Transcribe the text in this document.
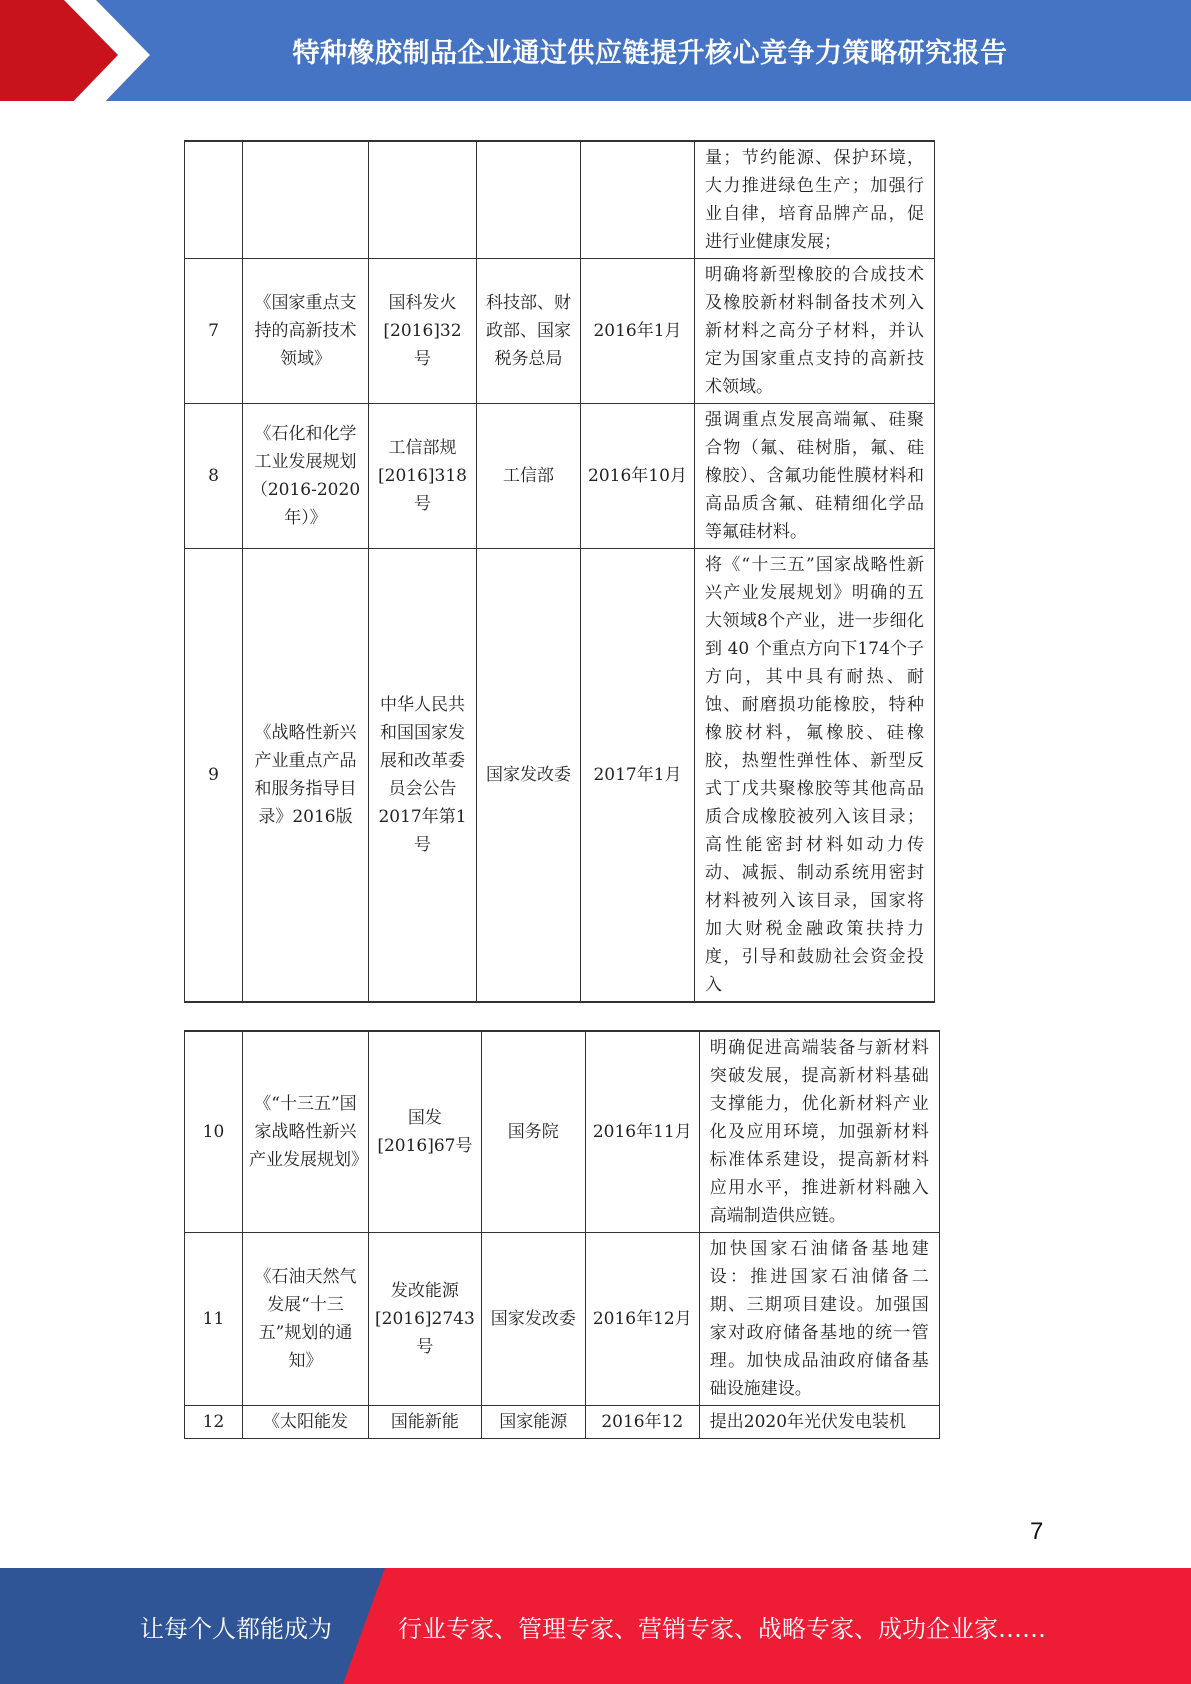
特种橡胶制品企业通过供应链提升核心竞争力策略研究报告
					量；节约能源、保护环境，大力推进绿色生产；加强行业自律，培育品牌产品，促进行业健康发展；
7	《国家重点支持的高新技术领域》	国科发火[2016]32号	科技部、财政部、国家税务总局	2016年1月	明确将新型橡胶的合成技术及橡胶新材料制备技术列入新材料之高分子材料，并认定为国家重点支持的高新技术领域。
8	《石化和化学工业发展规划（2016-2020年）》	工信部规[2016]318号	工信部	2016年10月	强调重点发展高端氟、硅聚合物（氟、硅树脂，氟、硅橡胶）、含氟功能性膜材料和高品质含氟、硅精细化学品等氟硅材料。
9	《战略性新兴产业重点产品和服务指导目录》2016版	中华人民共和国国家发展和改革委员会公告2017年第1号	国家发改委	2017年1月	将《“十三五”国家战略性新兴产业发展规划》明确的五大领域8个产业，进一步细化到 40 个重点方向下174个子方向，其中具有耐热、耐蚀、耐磨损功能橡胶，特种橡胶材料，氟橡胶、硅橡胶，热塑性弹性体、新型反式丁戊共聚橡胶等其他高品质合成橡胶被列入该目录；高性能密封材料如动力传动、减振、制动系统用密封材料被列入该目录，国家将加大财税金融政策扶持力度，引导和鼓励社会资金投入
10	《“十三五”国家战略性新兴产业发展规划》	国发[2016]67号	国务院	2016年11月	明确促进高端装备与新材料突破发展，提高新材料基础支撑能力，优化新材料产业化及应用环境，加强新材料标准体系建设，提高新材料应用水平，推进新材料融入高端制造供应链。
11	《石油天然气发展“十三五”规划的通知》	发改能源[2016]2743号	国家发改委	2016年12月	加快国家石油储备基地建设：推进国家石油储备二期、三期项目建设。加强国家对政府储备基地的统一管理。加快成品油政府储备基础设施建设。
12	《太阳能发	国能新能	国家能源	2016年12	提出2020年光伏发电装机
7
让每个人都能成为	行业专家、管理专家、营销专家、战略专家、成功企业家……
